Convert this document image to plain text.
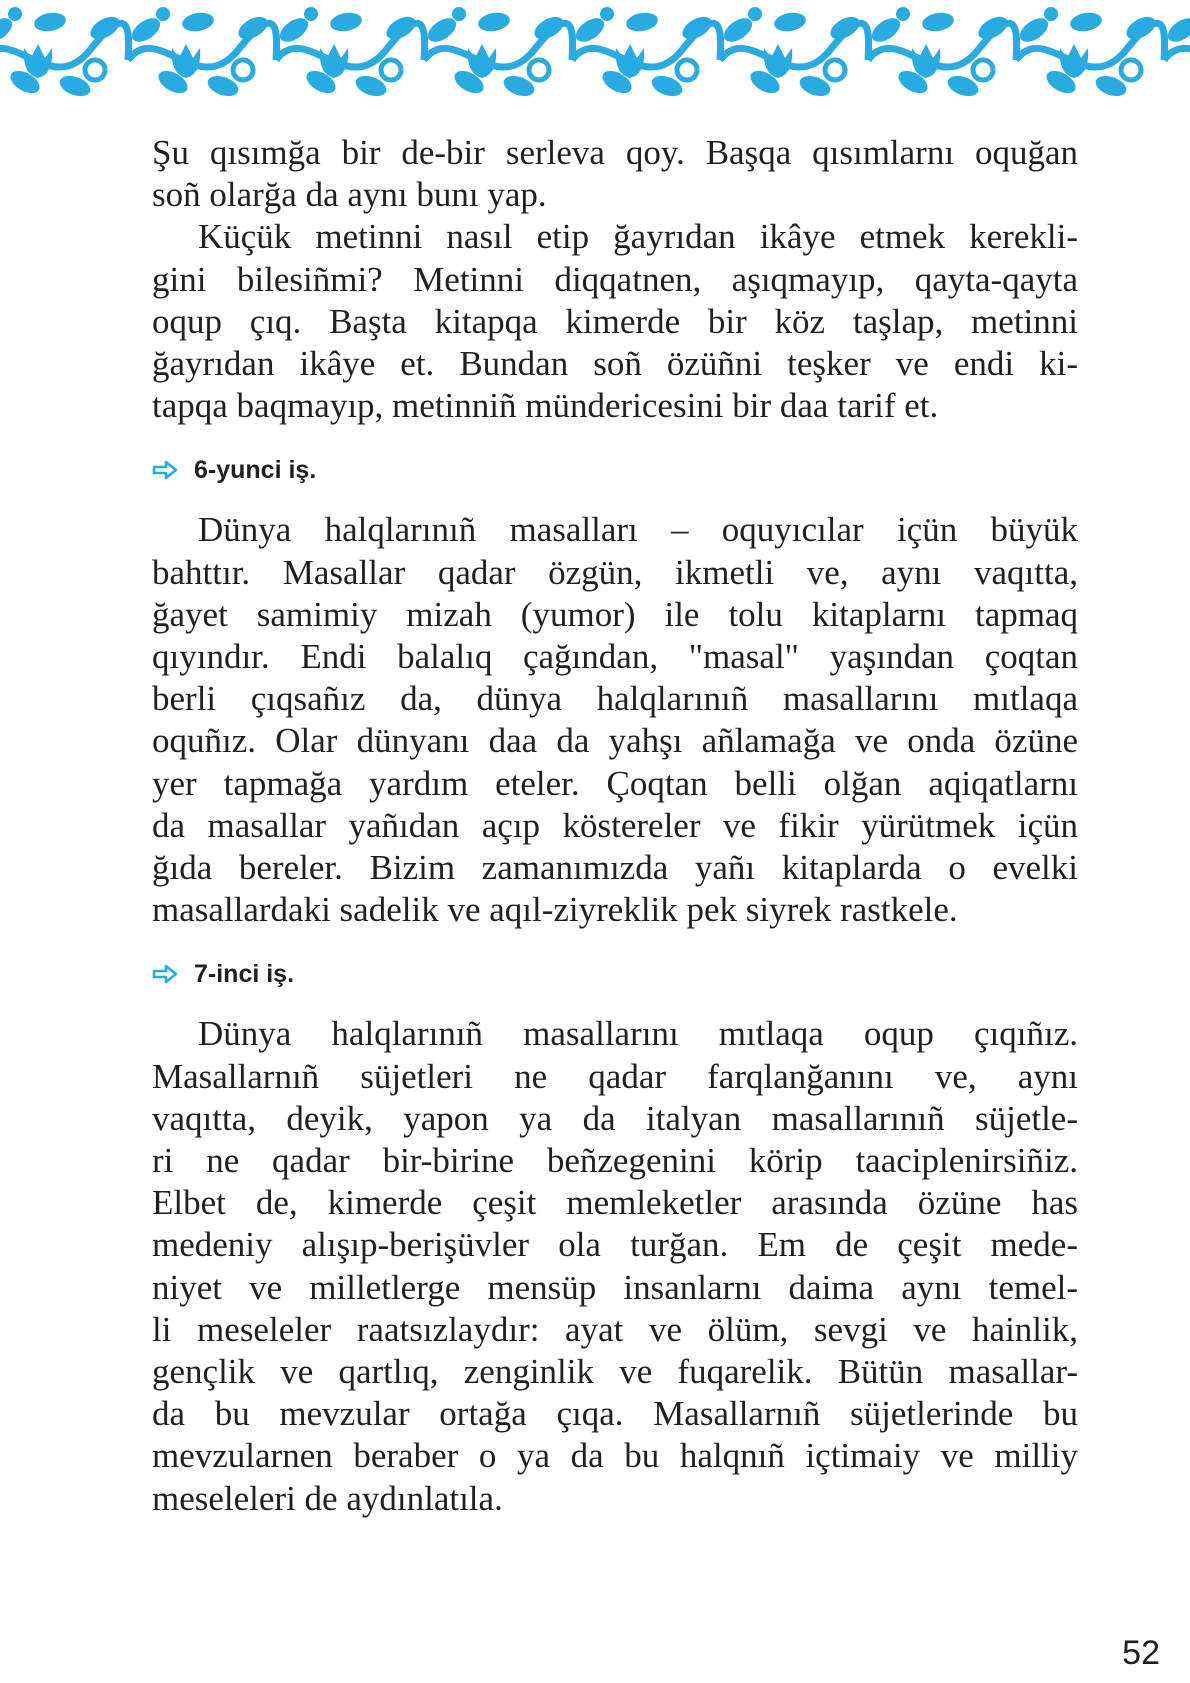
Şu qısımğa bir de-bir serleva qoy. Başqa qısımlarnı oquğan
soñ olarğa da aynı bunı yap.

Küçük metinni nasıl etip ğayrıdan ikâye etmek kerekli-
gini bilesiñmi? Metinni diqqatnen, aşıqmayıp, qayta-qayta
oqup çıq. Başta kitapqa kimerde bir köz taşlap, metinni
ğayrıdan ikâye et. Bundan soñ özüñni teşker ve endi ki-
tapqa baqmayıp, metinniñ mündericesini bir daa tarif et.

6-yunci iş.

Dünya halqlarınıñ masalları – oquyıcılar içün büyük
bahttır. Masallar qadar özgün, ikmetli ve, aynı vaqıtta,
ğayet samimiy mizah (yumor) ile tolu kitaplarnı tapmaq
qıyındır. Endi balalıq çağından, "masal" yaşından çoqtan
berli çıqsañız da, dünya halqlarınıñ masallarını mıtlaqa
oquñız. Olar dünyanı daa da yahşı añlamağa ve onda özüne
yer tapmağa yardım eteler. Çoqtan belli olğan aqiqatlarnı
da masallar yañıdan açıp köstereler ve fikir yürütmek içün
ğıda bereler. Bizim zamanımızda yañı kitaplarda o evelki
masallardaki sadelik ve aqıl-ziyreklik pek siyrek rastkele.

7-inci iş.

Dünya halqlarınıñ masallarını mıtlaqa oqup çıqıñız.
Masallarnıñ süjetleri ne qadar farqlanğanını ve, aynı
vaqıtta, deyik, yapon ya da italyan masallarınıñ süjetle-
ri ne qadar bir-birine beñzegenini körip taaciplenirsiñiz.
Elbet de, kimerde çeşit memleketler arasında özüne has
medeniy alışıp-berişüvler ola turğan. Em de çeşit mede-
niyet ve milletlerge mensüp insanlarnı daima aynı temel-
li meseleler raatsızlaydır: ayat ve ölüm, sevgi ve hainlik,
gençlik ve qartlıq, zenginlik ve fuqarelik. Bütün masallar-
da bu mevzular ortağa çıqa. Masallarnıñ süjetlerinde bu
mevzularnen beraber o ya da bu halqnıñ içtimaiy ve milliy
meseleleri de aydınlatıla.

52
